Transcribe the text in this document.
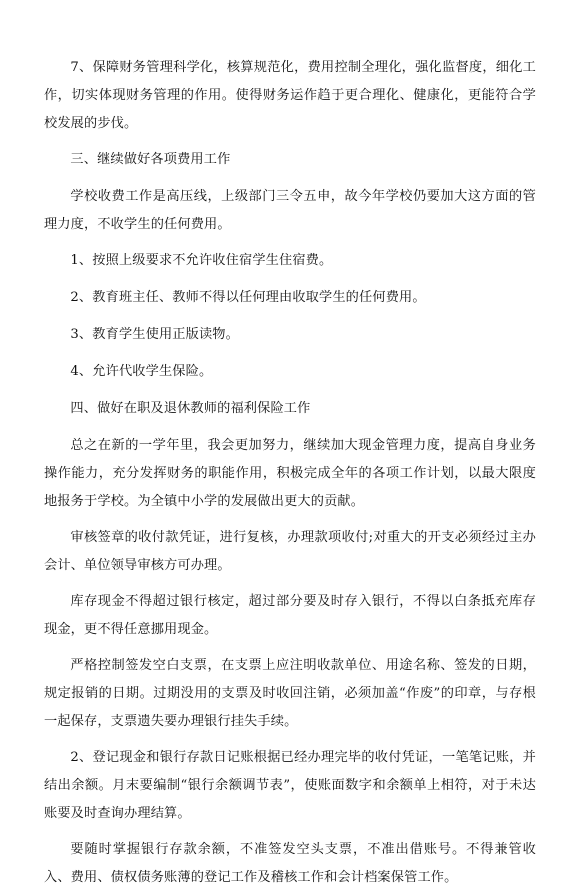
7、保障财务管理科学化，核算规范化，费用控制全理化，强化监督度，细化工作，切实体现财务管理的作用。使得财务运作趋于更合理化、健康化，更能符合学校发展的步伐。

三、继续做好各项费用工作

学校收费工作是高压线，上级部门三令五申，故今年学校仍要加大这方面的管理力度，不收学生的任何费用。

1、按照上级要求不允许收住宿学生住宿费。

2、教育班主任、教师不得以任何理由收取学生的任何费用。

3、教育学生使用正版读物。

4、允许代收学生保险。

四、做好在职及退休教师的福利保险工作

总之在新的一学年里，我会更加努力，继续加大现金管理力度，提高自身业务操作能力，充分发挥财务的职能作用，积极完成全年的各项工作计划，以最大限度地报务于学校。为全镇中小学的发展做出更大的贡献。

审核签章的收付款凭证，进行复核，办理款项收付;对重大的开支必须经过主办会计、单位领导审核方可办理。

库存现金不得超过银行核定，超过部分要及时存入银行，不得以白条抵充库存现金，更不得任意挪用现金。

严格控制签发空白支票，在支票上应注明收款单位、用途名称、签发的日期，规定报销的日期。过期没用的支票及时收回注销，必须加盖“作废”的印章，与存根一起保存，支票遗失要办理银行挂失手续。

2、登记现金和银行存款日记账根据已经办理完毕的收付凭证，一笔笔记账，并结出余额。月末要编制“银行余额调节表”，使账面数字和余额单上相符，对于未达账要及时查询办理结算。

要随时掌握银行存款余额，不准签发空头支票，不准出借账号。不得兼管收入、费用、债权债务账薄的登记工作及稽核工作和会计档案保管工作。
